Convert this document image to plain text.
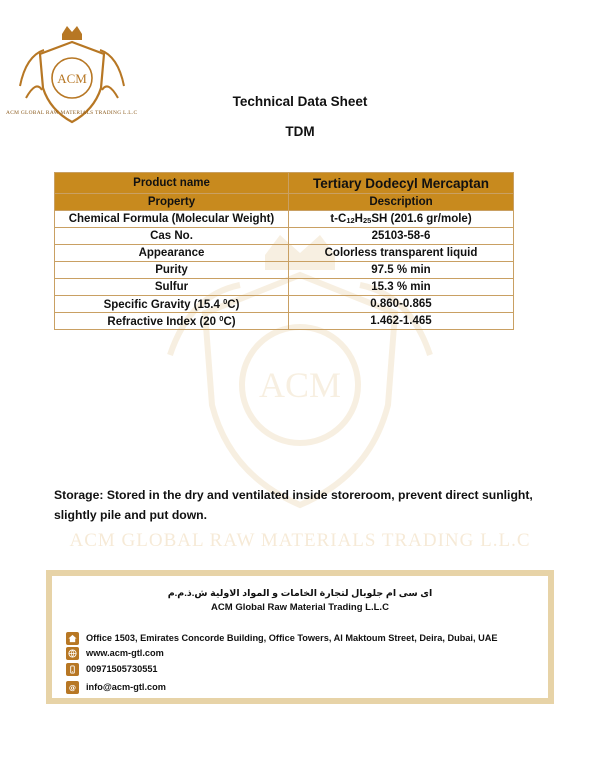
ACM
ACM GLOBAL RAW MATERIALS TRADING L.L.C
ACM
ACM GLOBAL RAW MATERIALS TRADING L.L.C
Technical Data Sheet
TDM
Product name	Tertiary Dodecyl Mercaptan
Property	Description
Chemical Formula (Molecular Weight)	$t-C_{12}H_{25}SH$ (201.6 gr/mole)
Cas No.	25103-58-6
Appearance	Colorless transparent liquid
Purity	97.5 % min
Sulfur	15.3 % min
Specific Gravity (15.4 $^0$C)	0.860-0.865
Refractive Index (20 $^0$C)	1.462-1.465
Storage: Stored in the dry and ventilated inside storeroom, prevent direct sunlight, slightly pile and put down.
ای سی ام جلوبال لتجارة الخامات و المواد الاولية ش.ذ.م.م
ACM Global Raw Material Trading L.L.C
Office 1503, Emirates Concorde Building, Office Towers, Al Maktoum Street, Deira, Dubai, UAE
www.acm-gtl.com
00971505730551
@ info@acm-gtl.com
